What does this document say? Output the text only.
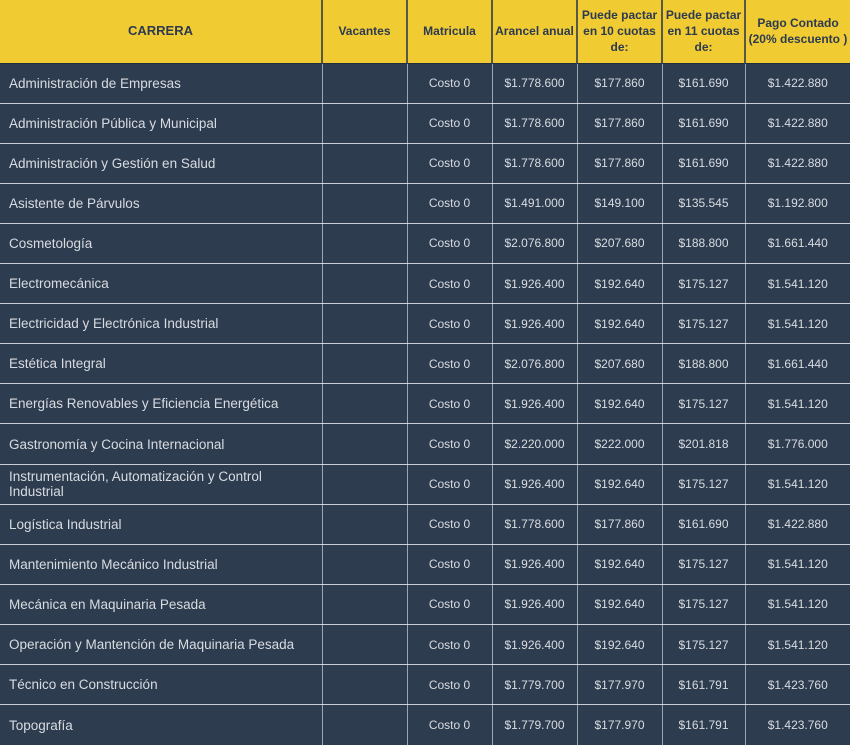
CARRERA	Vacantes	Matricula	Arancel anual	Puede pactar en 10 cuotas de:	Puede pactar en 11 cuotas de:	Pago Contado (20% descuento )
Administración de Empresas		Costo 0	$1.778.600	$177.860	$161.690	$1.422.880
Administración Pública y Municipal		Costo 0	$1.778.600	$177.860	$161.690	$1.422.880
Administración y Gestión en Salud		Costo 0	$1.778.600	$177.860	$161.690	$1.422.880
Asistente de Párvulos		Costo 0	$1.491.000	$149.100	$135.545	$1.192.800
Cosmetología		Costo 0	$2.076.800	$207.680	$188.800	$1.661.440
Electromecánica		Costo 0	$1.926.400	$192.640	$175.127	$1.541.120
Electricidad y Electrónica Industrial		Costo 0	$1.926.400	$192.640	$175.127	$1.541.120
Estética Integral		Costo 0	$2.076.800	$207.680	$188.800	$1.661.440
Energías Renovables y Eficiencia Energética		Costo 0	$1.926.400	$192.640	$175.127	$1.541.120
Gastronomía y Cocina Internacional		Costo 0	$2.220.000	$222.000	$201.818	$1.776.000
Instrumentación, Automatización y Control Industrial		Costo 0	$1.926.400	$192.640	$175.127	$1.541.120
Logística Industrial		Costo 0	$1.778.600	$177.860	$161.690	$1.422.880
Mantenimiento Mecánico Industrial		Costo 0	$1.926.400	$192.640	$175.127	$1.541.120
Mecánica en Maquinaria Pesada		Costo 0	$1.926.400	$192.640	$175.127	$1.541.120
Operación y Mantención de Maquinaria Pesada		Costo 0	$1.926.400	$192.640	$175.127	$1.541.120
Técnico en Construcción		Costo 0	$1.779.700	$177.970	$161.791	$1.423.760
Topografía		Costo 0	$1.779.700	$177.970	$161.791	$1.423.760
